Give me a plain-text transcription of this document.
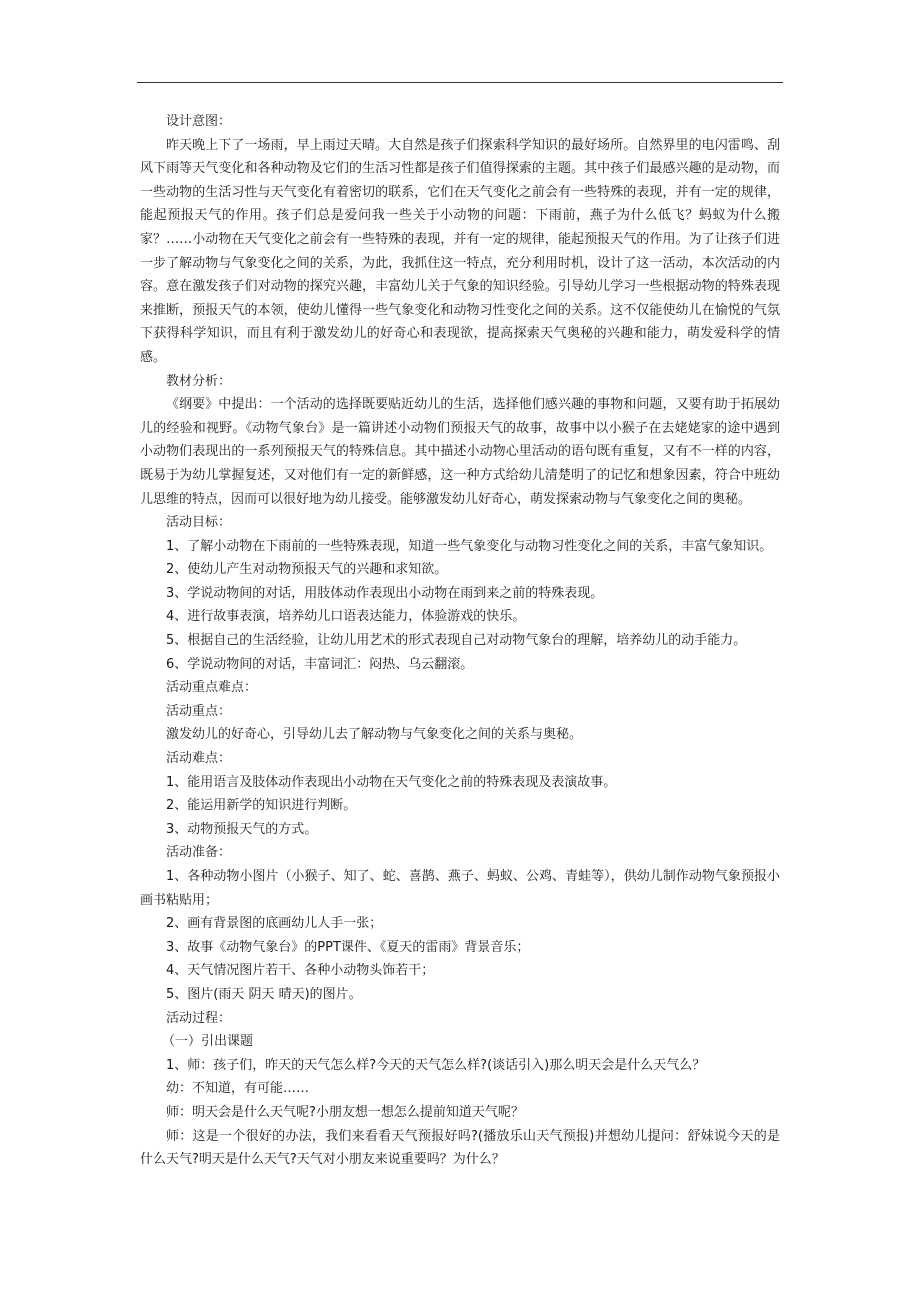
设计意图：

昨天晚上下了一场雨，早上雨过天晴。大自然是孩子们探索科学知识的最好场所。自然界里的电闪雷鸣、刮风下雨等天气变化和各种动物及它们的生活习性都是孩子们值得探索的主题。其中孩子们最感兴趣的是动物，而一些动物的生活习性与天气变化有着密切的联系，它们在天气变化之前会有一些特殊的表现，并有一定的规律，能起预报天气的作用。孩子们总是爱问我一些关于小动物的问题：下雨前，燕子为什么低飞？蚂蚁为什么搬家？……小动物在天气变化之前会有一些特殊的表现，并有一定的规律，能起预报天气的作用。为了让孩子们进一步了解动物与气象变化之间的关系，为此，我抓住这一特点，充分利用时机，设计了这一活动，本次活动的内容。意在激发孩子们对动物的探究兴趣，丰富幼儿关于气象的知识经验。引导幼儿学习一些根据动物的特殊表现来推断，预报天气的本领，使幼儿懂得一些气象变化和动物习性变化之间的关系。这不仅能使幼儿在愉悦的气氛下获得科学知识，而且有利于激发幼儿的好奇心和表现欲，提高探索天气奥秘的兴趣和能力，萌发爱科学的情感。

教材分析：

《纲要》中提出：一个活动的选择既要贴近幼儿的生活，选择他们感兴趣的事物和问题，又要有助于拓展幼儿的经验和视野。《动物气象台》是一篇讲述小动物们预报天气的故事，故事中以小猴子在去姥姥家的途中遇到小动物们表现出的一系列预报天气的特殊信息。其中描述小动物心里活动的语句既有重复，又有不一样的内容，既易于为幼儿掌握复述，又对他们有一定的新鲜感，这一种方式给幼儿清楚明了的记忆和想象因素，符合中班幼儿思维的特点，因而可以很好地为幼儿接受。能够激发幼儿好奇心，萌发探索动物与气象变化之间的奥秘。

活动目标：

1、了解小动物在下雨前的一些特殊表现，知道一些气象变化与动物习性变化之间的关系，丰富气象知识。

2、使幼儿产生对动物预报天气的兴趣和求知欲。

3、学说动物间的对话，用肢体动作表现出小动物在雨到来之前的特殊表现。

4、进行故事表演，培养幼儿口语表达能力，体验游戏的快乐。

5、根据自己的生活经验，让幼儿用艺术的形式表现自己对动物气象台的理解，培养幼儿的动手能力。

6、学说动物间的对话，丰富词汇：闷热、乌云翻滚。

活动重点难点：

活动重点：

激发幼儿的好奇心，引导幼儿去了解动物与气象变化之间的关系与奥秘。

活动难点：

1、能用语言及肢体动作表现出小动物在天气变化之前的特殊表现及表演故事。

2、能运用新学的知识进行判断。

3、动物预报天气的方式。

活动准备：

1、各种动物小图片（小猴子、知了、蛇、喜鹊、燕子、蚂蚁、公鸡、青蛙等），供幼儿制作动物气象预报小画书粘贴用；

2、画有背景图的底画幼儿人手一张；

3、故事《动物气象台》的PPT课件、《夏天的雷雨》背景音乐；

4、天气情况图片若干、各种小动物头饰若干；

5、图片(雨天 阴天 晴天)的图片。

活动过程：

（一）引出课题

1、师：孩子们，昨天的天气怎么样?今天的天气怎么样?(谈话引入)那么明天会是什么天气么？

幼：不知道，有可能……

师：明天会是什么天气呢?小朋友想一想怎么提前知道天气呢？

师：这是一个很好的办法，我们来看看天气预报好吗?(播放乐山天气预报)并想幼儿提问：舒妹说今天的是什么天气?明天是什么天气?天气对小朋友来说重要吗？为什么？
